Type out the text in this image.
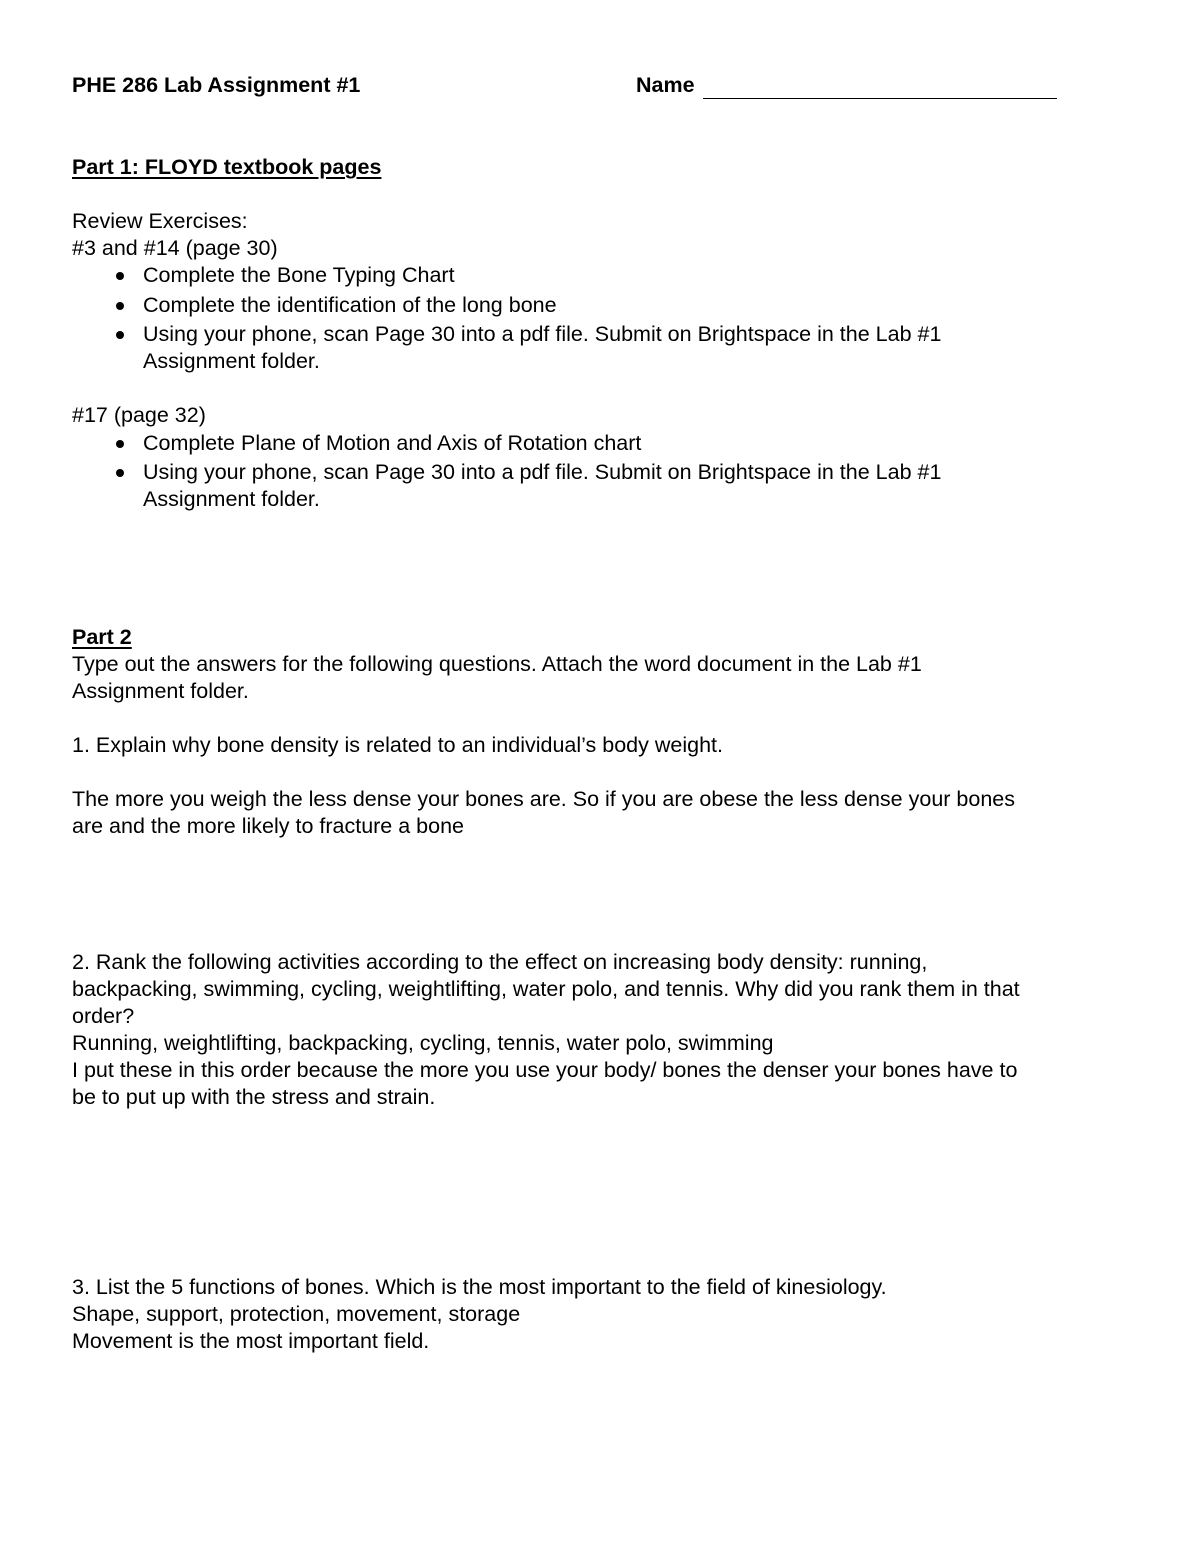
PHE 286 Lab Assignment #1	Name
Part 1: FLOYD textbook pages
Review Exercises:
#3 and #14 (page 30)
Complete the Bone Typing Chart
Complete the identification of the long bone
Using your phone, scan Page 30 into a pdf file. Submit on Brightspace in the Lab #1
Assignment folder.
#17 (page 32)
Complete Plane of Motion and Axis of Rotation chart
Using your phone, scan Page 30 into a pdf file. Submit on Brightspace in the Lab #1
Assignment folder.
Part 2
Type out the answers for the following questions. Attach the word document in the Lab #1
Assignment folder.
1. Explain why bone density is related to an individual’s body weight.
The more you weigh the less dense your bones are. So if you are obese the less dense your bones
are and the more likely to fracture a bone
2. Rank the following activities according to the effect on increasing body density: running,
backpacking, swimming, cycling, weightlifting, water polo, and tennis. Why did you rank them in that
order?
Running, weightlifting, backpacking, cycling, tennis, water polo, swimming
I put these in this order because the more you use your body/ bones the denser your bones have to
be to put up with the stress and strain.
3. List the 5 functions of bones. Which is the most important to the field of kinesiology.
Shape, support, protection, movement, storage
Movement is the most important field.
